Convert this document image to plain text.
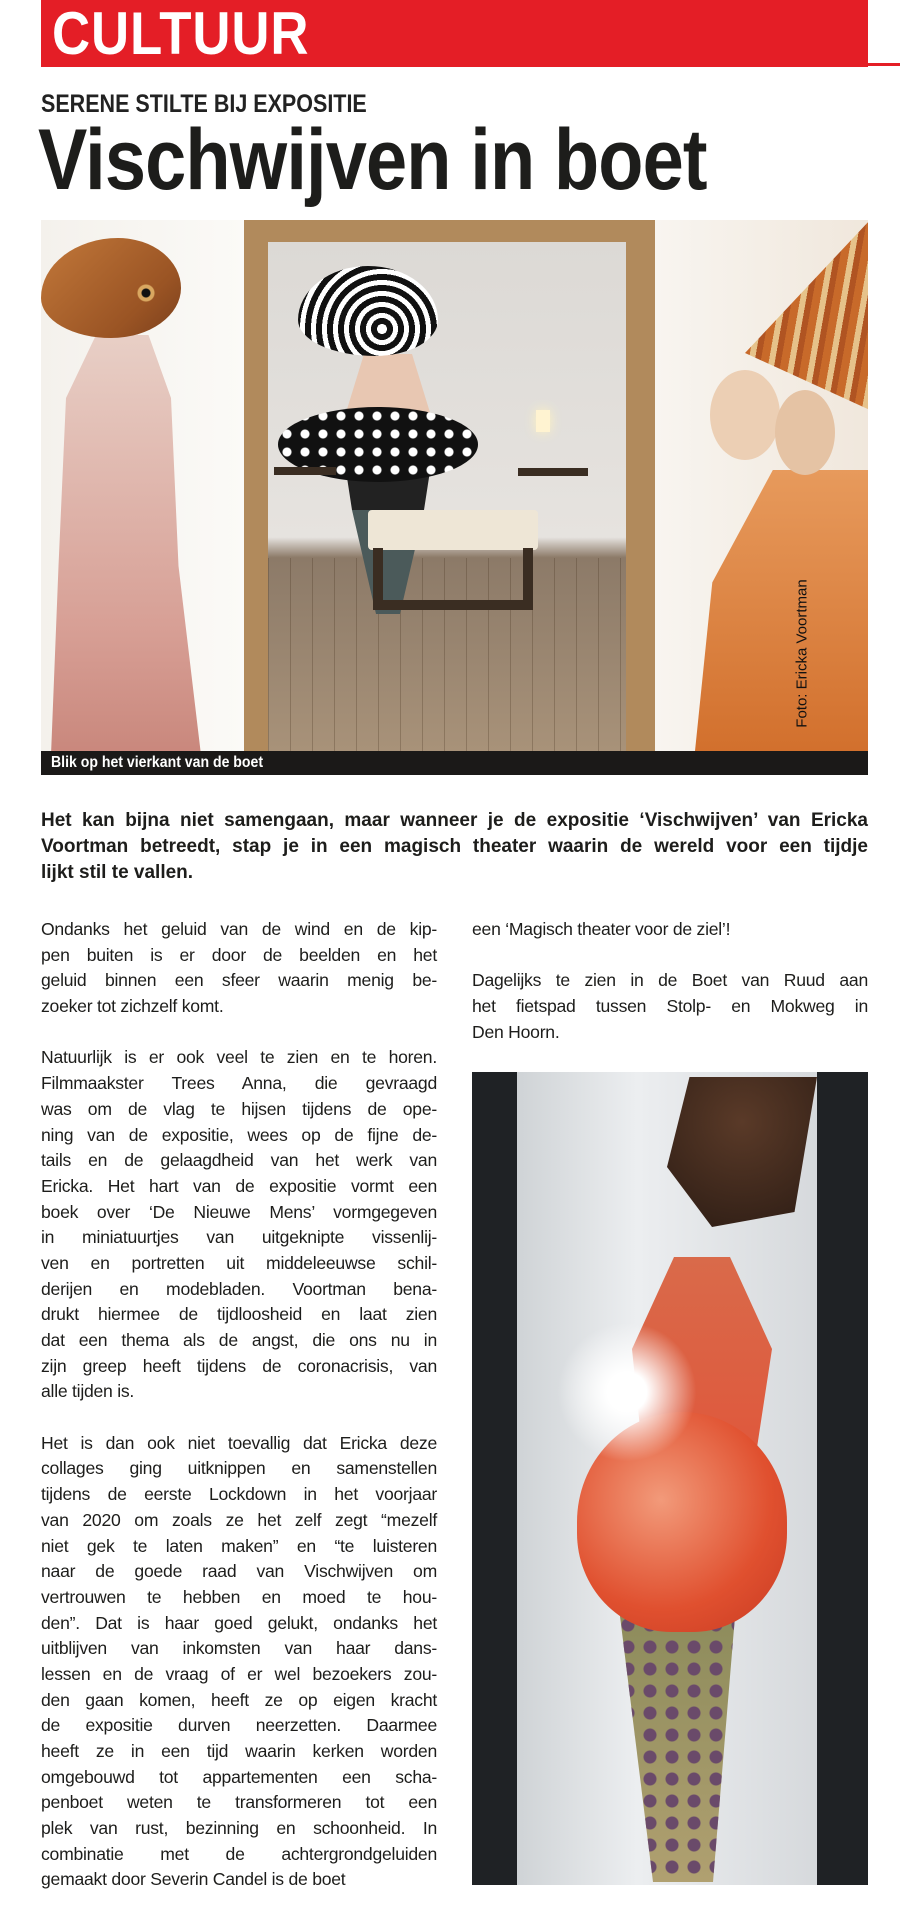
CULTUUR
SERENE STILTE BIJ EXPOSITIE
Vischwijven in boet
Foto: Ericka Voortman
Blik op het vierkant van de boet
Het kan bijna niet samengaan, maar wanneer je de expositie ‘Vischwijven’ van Ericka
Voortman betreedt, stap je in een magisch theater waarin de wereld voor een tijdje
lijkt stil te vallen.
Ondanks het geluid van de wind en de kip-
pen buiten is er door de beelden en het
geluid binnen een sfeer waarin menig be-
zoeker tot zichzelf komt.
Natuurlijk is er ook veel te zien en te horen.
Filmmaakster Trees Anna, die gevraagd
was om de vlag te hijsen tijdens de ope-
ning van de expositie, wees op de fijne de-
tails en de gelaagdheid van het werk van
Ericka. Het hart van de expositie vormt een
boek over ‘De Nieuwe Mens’ vormgegeven
in miniatuurtjes van uitgeknipte vissenlij-
ven en portretten uit middeleeuwse schil-
derijen en modebladen. Voortman bena-
drukt hiermee de tijdloosheid en laat zien
dat een thema als de angst, die ons nu in
zijn greep heeft tijdens de coronacrisis, van
alle tijden is.
Het is dan ook niet toevallig dat Ericka deze
collages ging uitknippen en samenstellen
tijdens de eerste Lockdown in het voorjaar
van 2020 om zoals ze het zelf zegt “mezelf
niet gek te laten maken” en “te luisteren
naar de goede raad van Vischwijven om
vertrouwen te hebben en moed te hou-
den”. Dat is haar goed gelukt, ondanks het
uitblijven van inkomsten van haar dans-
lessen en de vraag of er wel bezoekers zou-
den gaan komen, heeft ze op eigen kracht
de expositie durven neerzetten. Daarmee
heeft ze in een tijd waarin kerken worden
omgebouwd tot appartementen een scha-
penboet weten te transformeren tot een
plek van rust, bezinning en schoonheid. In
combinatie met de achtergrondgeluiden
gemaakt door Severin Candel is de boet
een ‘Magisch theater voor de ziel’!
Dagelijks te zien in de Boet van Ruud aan
het fietspad tussen Stolp- en Mokweg in
Den Hoorn.
